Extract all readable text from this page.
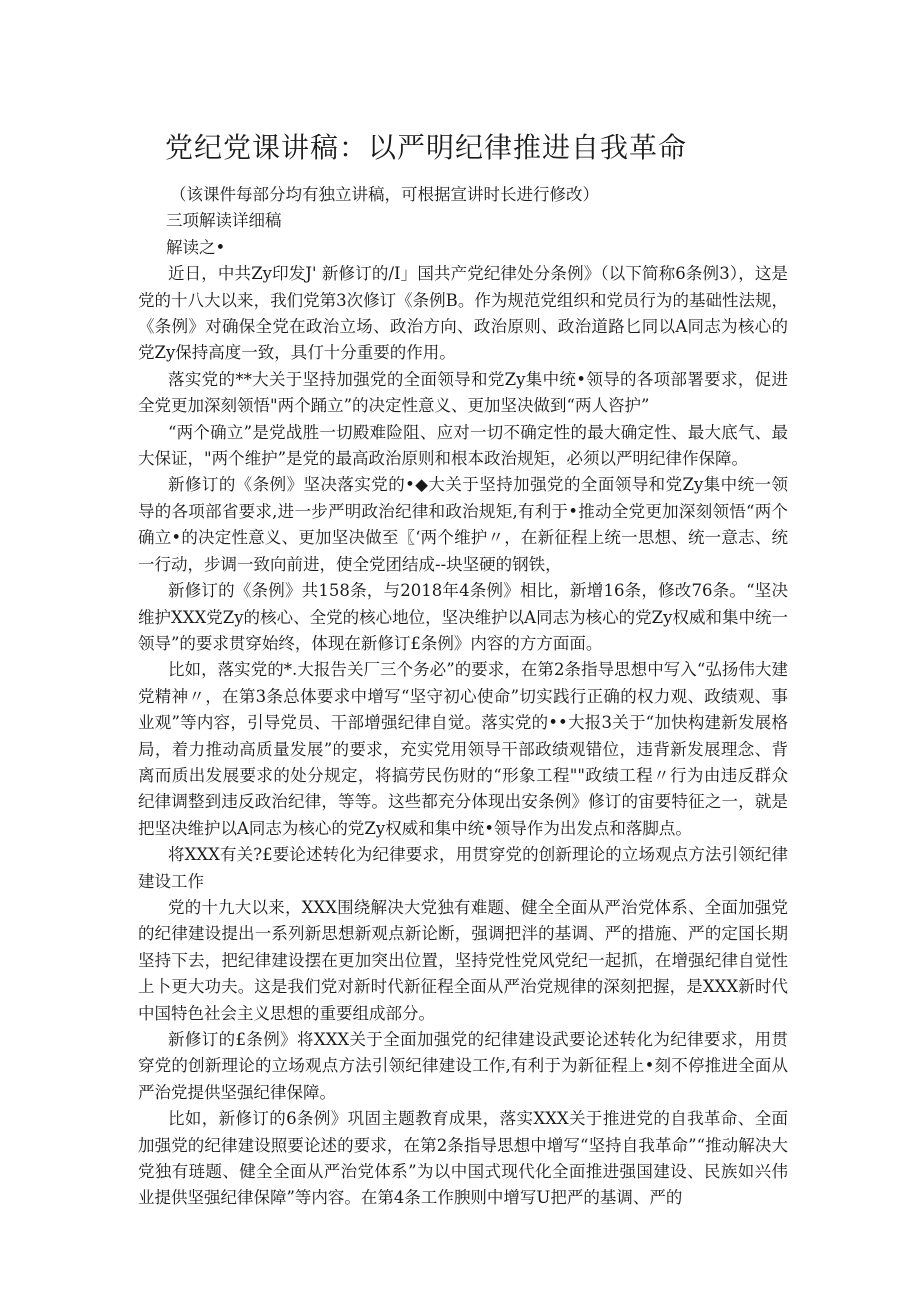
党纪党课讲稿：以严明纪律推进自我革命

（该课件每部分均有独立讲稿，可根据宣讲时长进行修改）

三项解读详细稿

解读之•

近日，中共Zy印发J' 新修订的/I」国共产党纪律处分条例》（以下简称6条例3），这是党的十八大以来，我们党第3次修订《条例B。作为规范党组织和党员行为的基础性法规，《条例》对确保全党在政治立场、政治方向、政治原则、政治道路匕同以A同志为核心的党Zy保持高度一致，具仃十分重要的作用。

落实党的**大关于坚持加强党的全面领导和党Zy集中统•领导的各项部署要求，促进全党更加深刻领悟"两个踊立”的决定性意义、更加坚决做到“两人咨护”

“两个确立”是党战胜一切殿难险阻、应对一切不确定性的最大确定性、最大底气、最大保证，"两个维护”是党的最高政治原则和根本政治规矩，必须以严明纪律作保障。

新修订的《条例》坚决落实党的•◆大关于坚持加强党的全面领导和党Zy集中统一领导的各项部省要求,进一步严明政治纪律和政治规矩,有利于•推动全党更加深刻领悟“两个确立•的决定性意义、更加坚决做至〖‘两个维护〃，在新征程上统一思想、统一意志、统一行动，步调一致向前进，使全党团结成--块坚硬的钢铁，

新修订的《条例》共158条，与2018年4条例》相比，新增16条，修改76条。“坚决维护XXX党Zy的核心、全党的核心地位，坚决维护以A同志为核心的党Zy权威和集中统一领导”的要求贯穿始终，体现在新修订£条例》内容的方方面面。

比如，落实党的*.大报告关厂三个务必”的要求，在第2条指导思想中写入“弘扬伟大建党精神〃，在第3条总体要求中增写“坚守初心使命”切实践行正确的权力观、政绩观、事业观”等内容，引导党员、干部增强纪律自觉。落实党的••大报3关于“加快构建新发展格局，着力推动高质量发展”的要求，充实党用领导干部政绩观错位，违背新发展理念、背离而质出发展要求的处分规定，将搞劳民伤财的“形象工程""政绩工程〃行为由违反群众纪律调整到违反政治纪律，等等。这些都充分体现出安条例》修订的宙要特征之一，就是把坚决维护以A同志为核心的党Zy权威和集中统•领导作为出发点和落脚点。

将XXX有关?£要论述转化为纪律要求，用贯穿党的创新理论的立场观点方法引领纪律建设工作

党的十九大以来，XXX围绕解决大党独有难题、健全全面从严治党体系、全面加强党的纪律建设提出一系列新思想新观点新论断，强调把泮的基调、严的措施、严的定国长期坚持下去，把纪律建设摆在更加突出位置，坚持党性党风党纪一起抓，在增强纪律自觉性上卜更大功夫。这是我们党对新时代新征程全面从严治党规律的深刻把握，是XXX新时代中国特色社会主义思想的重要组成部分。

新修订的£条例》将XXX关于全面加强党的纪律建设武要论述转化为纪律要求，用贯穿党的创新理论的立场观点方法引领纪律建设工作,有利于为新征程上•刻不停推进全面从严治党提供坚强纪律保障。

比如，新修订的6条例》巩固主题教育成果，落实XXX关于推进党的自我革命、全面加强党的纪律建设照要论述的要求，在第2条指导思想中增写“坚持自我革命”“推动解决大党独有琏题、健全全面从严治党体系”为以中国式现代化全面推进强国建设、民族如兴伟业提供坚强纪律保障”等内容。在第4条工作腴则中增写U把严的基调、严的
